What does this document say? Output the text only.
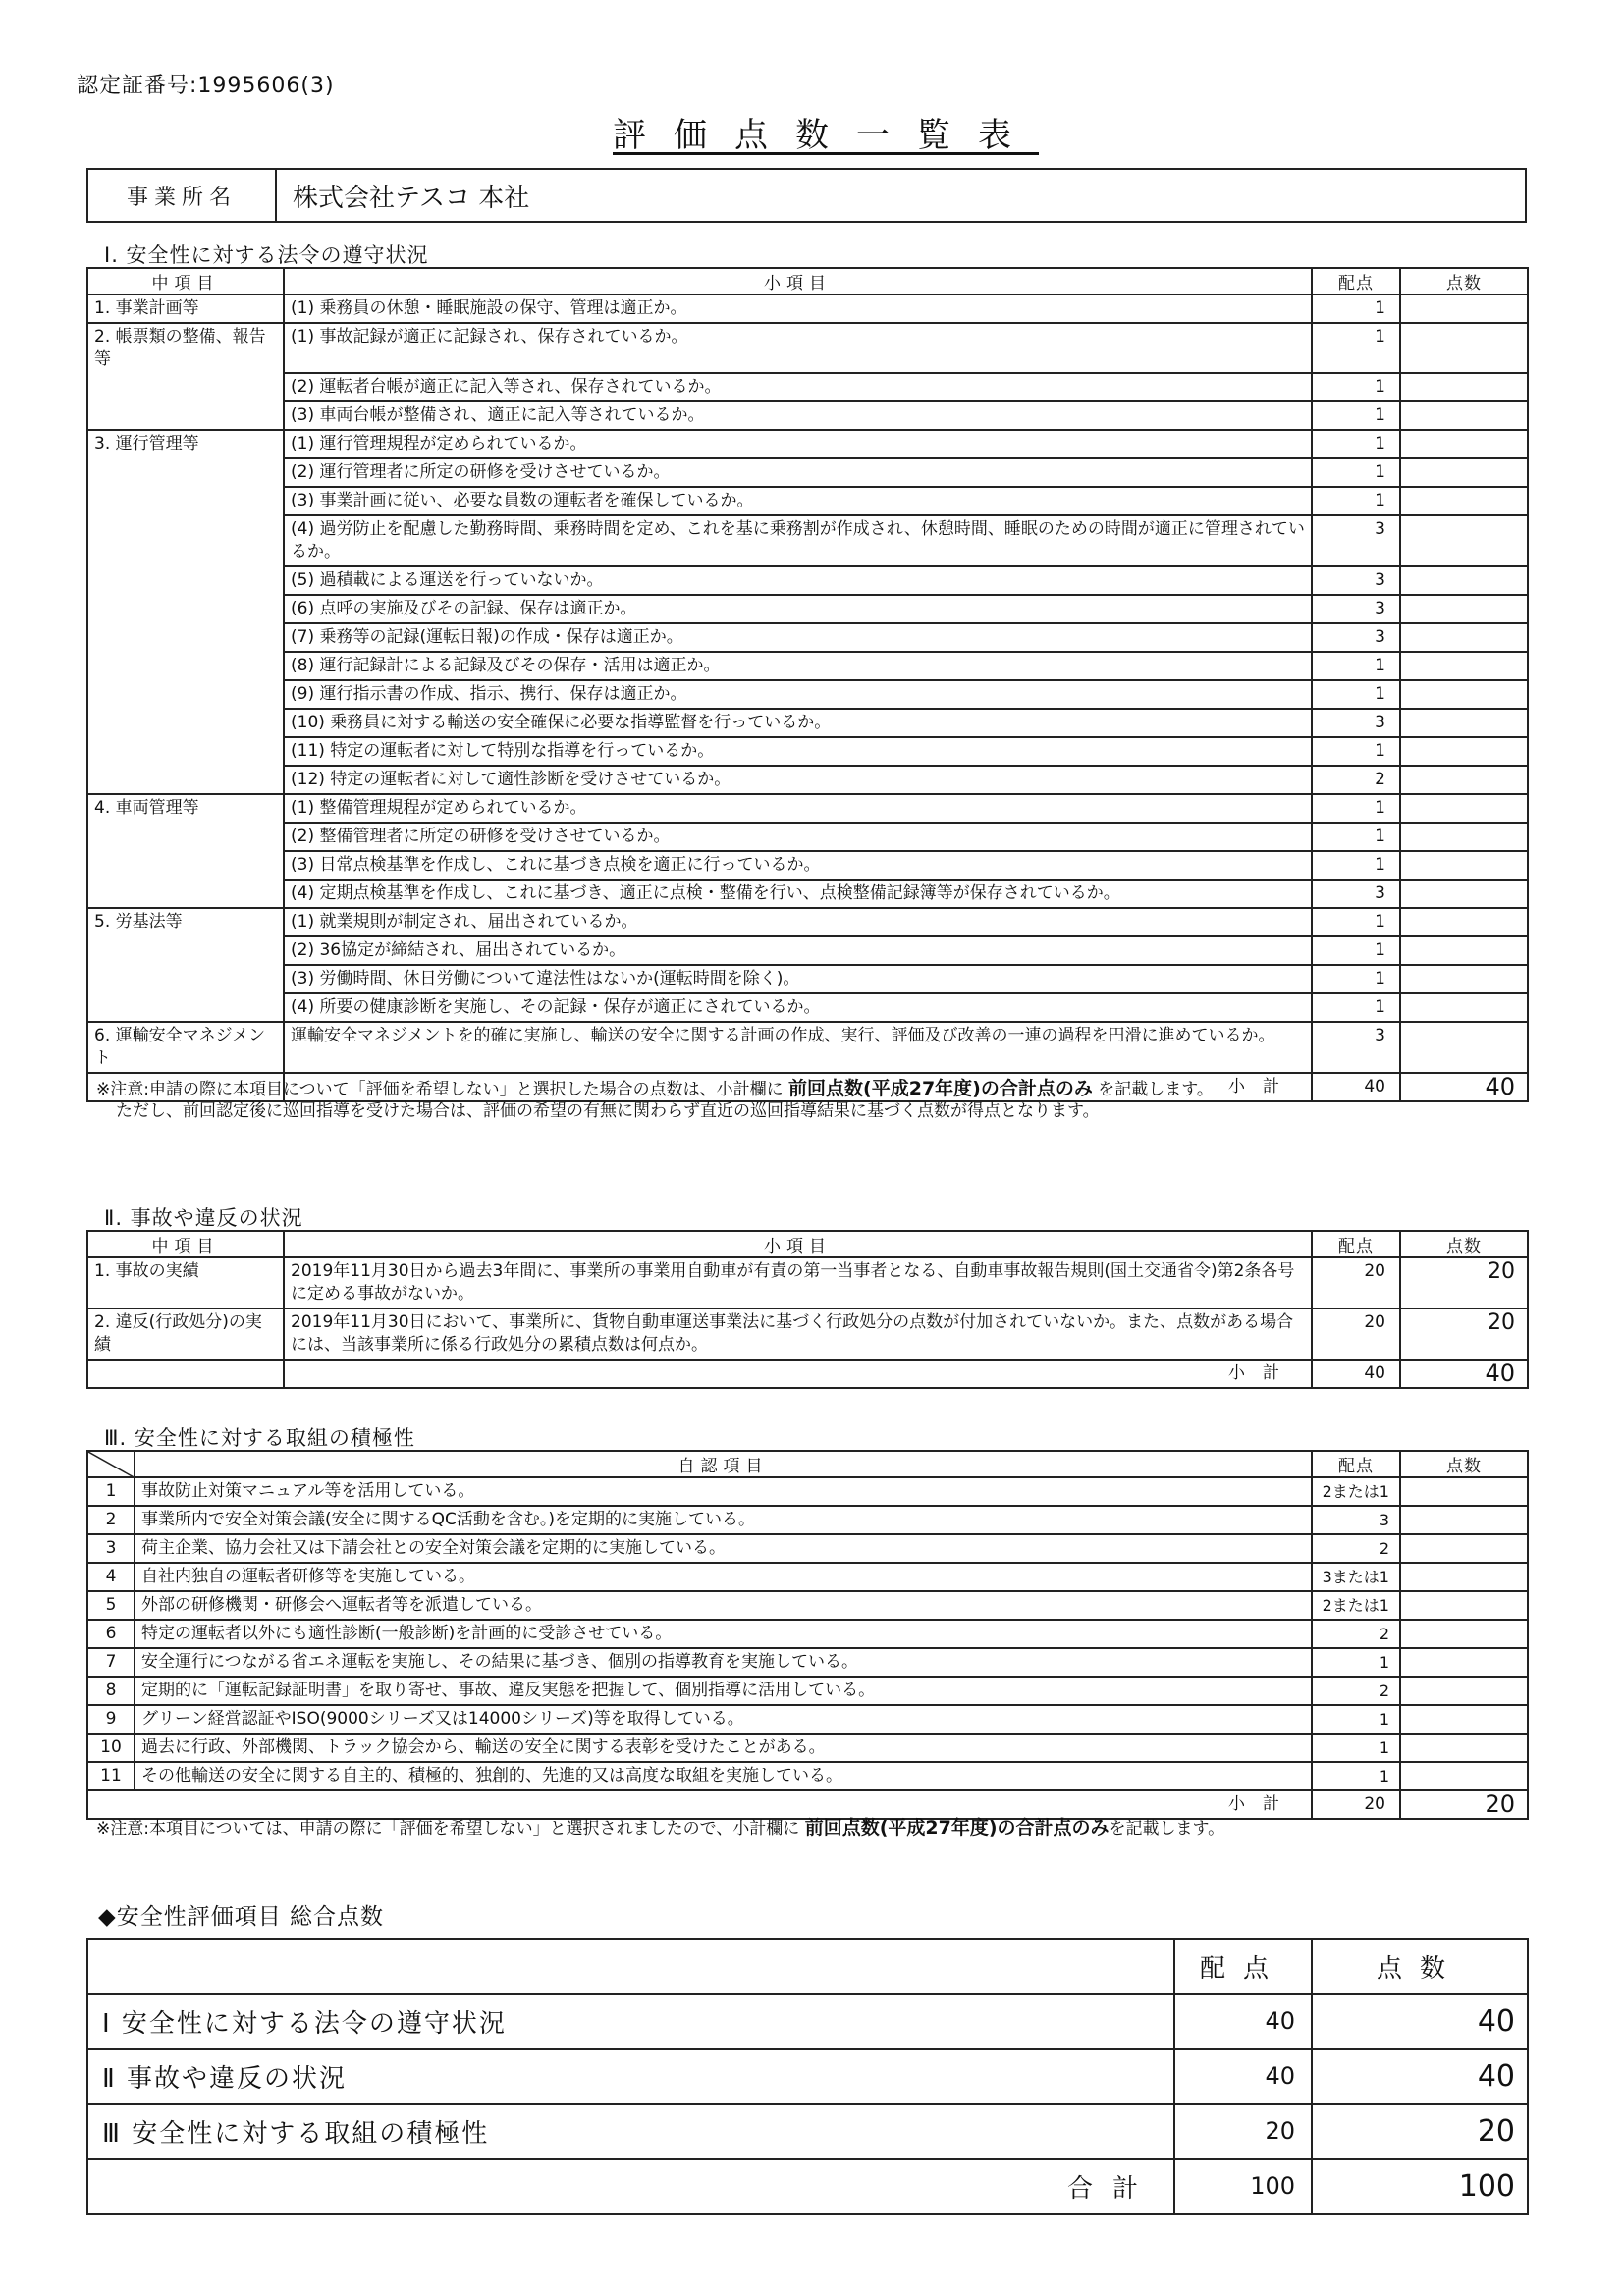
認定証番号:1995606(3)
評価点数一覧表
事業所名	株式会社テスコ 本社
Ⅰ. 安全性に対する法令の遵守状況
中項目	小項目	配点	点数
1. 事業計画等	(1) 乗務員の休憩・睡眠施設の保守、管理は適正か。	1	
2. 帳票類の整備、報告等	(1) 事故記録が適正に記録され、保存されているか。	1	
	(2) 運転者台帳が適正に記入等され、保存されているか。	1	
	(3) 車両台帳が整備され、適正に記入等されているか。	1	
3. 運行管理等	(1) 運行管理規程が定められているか。	1	
	(2) 運行管理者に所定の研修を受けさせているか。	1	
	(3) 事業計画に従い、必要な員数の運転者を確保しているか。	1	
	(4) 過労防止を配慮した勤務時間、乗務時間を定め、これを基に乗務割が作成され、休憩時間、睡眠のための時間が適正に管理されているか。	3	
	(5) 過積載による運送を行っていないか。	3	
	(6) 点呼の実施及びその記録、保存は適正か。	3	
	(7) 乗務等の記録(運転日報)の作成・保存は適正か。	3	
	(8) 運行記録計による記録及びその保存・活用は適正か。	1	
	(9) 運行指示書の作成、指示、携行、保存は適正か。	1	
	(10) 乗務員に対する輸送の安全確保に必要な指導監督を行っているか。	3	
	(11) 特定の運転者に対して特別な指導を行っているか。	1	
	(12) 特定の運転者に対して適性診断を受けさせているか。	2	
4. 車両管理等	(1) 整備管理規程が定められているか。	1	
	(2) 整備管理者に所定の研修を受けさせているか。	1	
	(3) 日常点検基準を作成し、これに基づき点検を適正に行っているか。	1	
	(4) 定期点検基準を作成し、これに基づき、適正に点検・整備を行い、点検整備記録簿等が保存されているか。	3	
5. 労基法等	(1) 就業規則が制定され、届出されているか。	1	
	(2) 36協定が締結され、届出されているか。	1	
	(3) 労働時間、休日労働について違法性はないか(運転時間を除く)。	1	
	(4) 所要の健康診断を実施し、その記録・保存が適正にされているか。	1	
6. 運輸安全マネジメント	運輸安全マネジメントを的確に実施し、輸送の安全に関する計画の作成、実行、評価及び改善の一連の過程を円滑に進めているか。	3	
	小計	40	40
※注意:申請の際に本項目について「評価を希望しない」と選択した場合の点数は、小計欄に 前回点数(平成27年度)の合計点のみ を記載します。
ただし、前回認定後に巡回指導を受けた場合は、評価の希望の有無に関わらず直近の巡回指導結果に基づく点数が得点となります。
Ⅱ. 事故や違反の状況
中項目	小項目	配点	点数
1. 事故の実績	2019年11月30日から過去3年間に、事業所の事業用自動車が有責の第一当事者となる、自動車事故報告規則(国土交通省令)第2条各号に定める事故がないか。	20	20
2. 違反(行政処分)の実績	2019年11月30日において、事業所に、貨物自動車運送事業法に基づく行政処分の点数が付加されていないか。また、点数がある場合には、当該事業所に係る行政処分の累積点数は何点か。	20	20
	小計	40	40
Ⅲ. 安全性に対する取組の積極性
	自認項目	配点	点数
1	事故防止対策マニュアル等を活用している。	2または1	
2	事業所内で安全対策会議(安全に関するQC活動を含む。)を定期的に実施している。	3	
3	荷主企業、協力会社又は下請会社との安全対策会議を定期的に実施している。	2	
4	自社内独自の運転者研修等を実施している。	3または1	
5	外部の研修機関・研修会へ運転者等を派遣している。	2または1	
6	特定の運転者以外にも適性診断(一般診断)を計画的に受診させている。	2	
7	安全運行につながる省エネ運転を実施し、その結果に基づき、個別の指導教育を実施している。	1	
8	定期的に「運転記録証明書」を取り寄せ、事故、違反実態を把握して、個別指導に活用している。	2	
9	グリーン経営認証やISO(9000シリーズ又は14000シリーズ)等を取得している。	1	
10	過去に行政、外部機関、トラック協会から、輸送の安全に関する表彰を受けたことがある。	1	
11	その他輸送の安全に関する自主的、積極的、独創的、先進的又は高度な取組を実施している。	1	
	小計	20	20
※注意:本項目については、申請の際に「評価を希望しない」と選択されましたので、小計欄に 前回点数(平成27年度)の合計点のみを記載します。
◆安全性評価項目 総合点数
	配点	点数
Ⅰ 安全性に対する法令の遵守状況	40	40
Ⅱ 事故や違反の状況	40	40
Ⅲ 安全性に対する取組の積極性	20	20
合計	100	100
